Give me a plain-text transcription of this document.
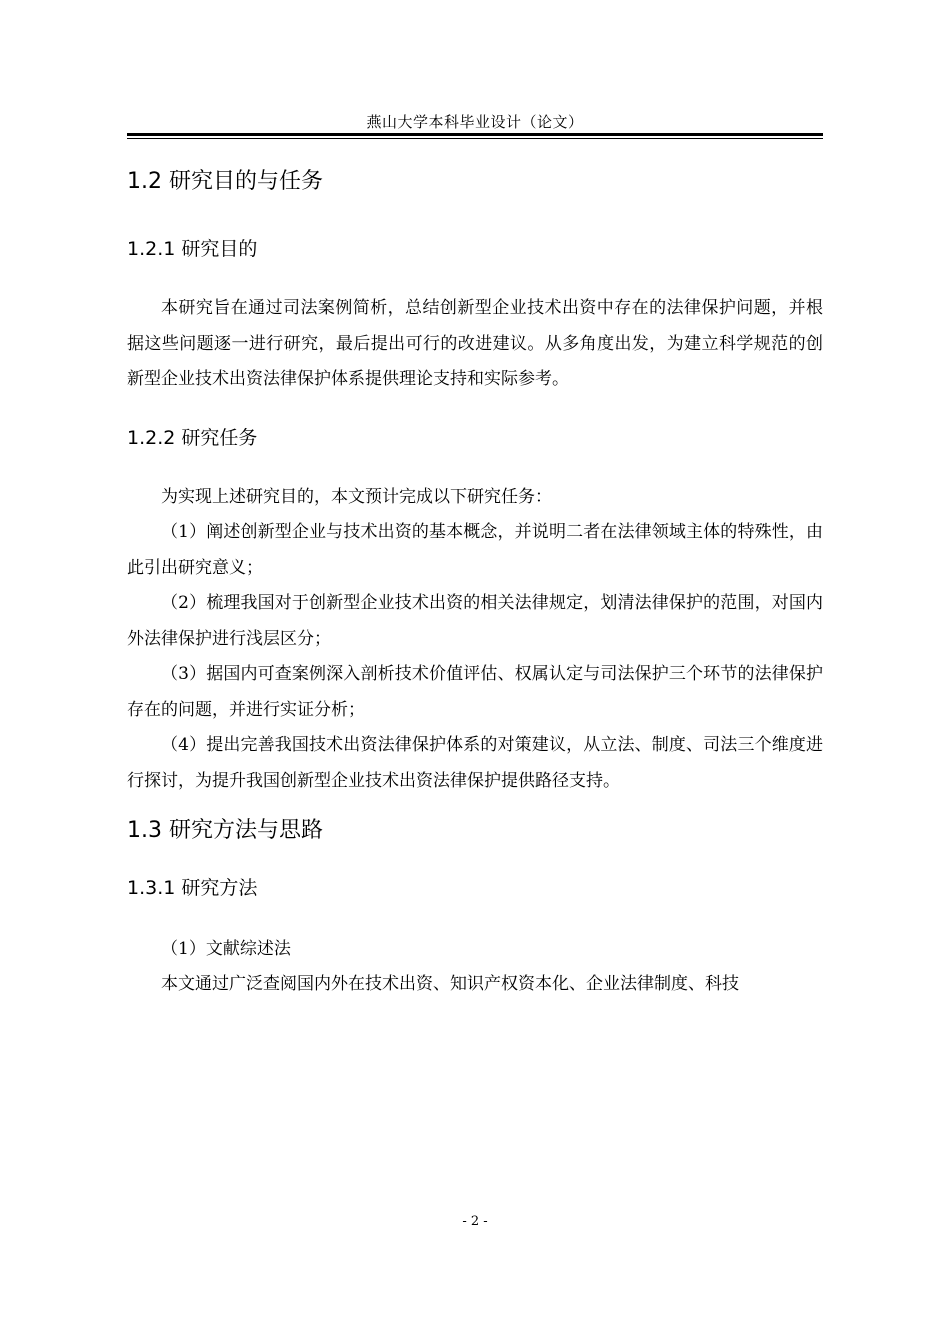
燕山大学本科毕业设计（论文）
1.2 研究目的与任务
1.2.1 研究目的
本研究旨在通过司法案例简析，总结创新型企业技术出资中存在的法律保护问题，并根据这些问题逐一进行研究，最后提出可行的改进建议。从多角度出发，为建立科学规范的创新型企业技术出资法律保护体系提供理论支持和实际参考。
1.2.2 研究任务
为实现上述研究目的，本文预计完成以下研究任务：
（1）阐述创新型企业与技术出资的基本概念，并说明二者在法律领域主体的特殊性，由此引出研究意义；
（2）梳理我国对于创新型企业技术出资的相关法律规定，划清法律保护的范围，对国内外法律保护进行浅层区分；
（3）据国内可查案例深入剖析技术价值评估、权属认定与司法保护三个环节的法律保护存在的问题，并进行实证分析；
（4）提出完善我国技术出资法律保护体系的对策建议，从立法、制度、司法三个维度进行探讨，为提升我国创新型企业技术出资法律保护提供路径支持。
1.3 研究方法与思路
1.3.1 研究方法
（1）文献综述法
本文通过广泛查阅国内外在技术出资、知识产权资本化、企业法律制度、科技
- 2 -
